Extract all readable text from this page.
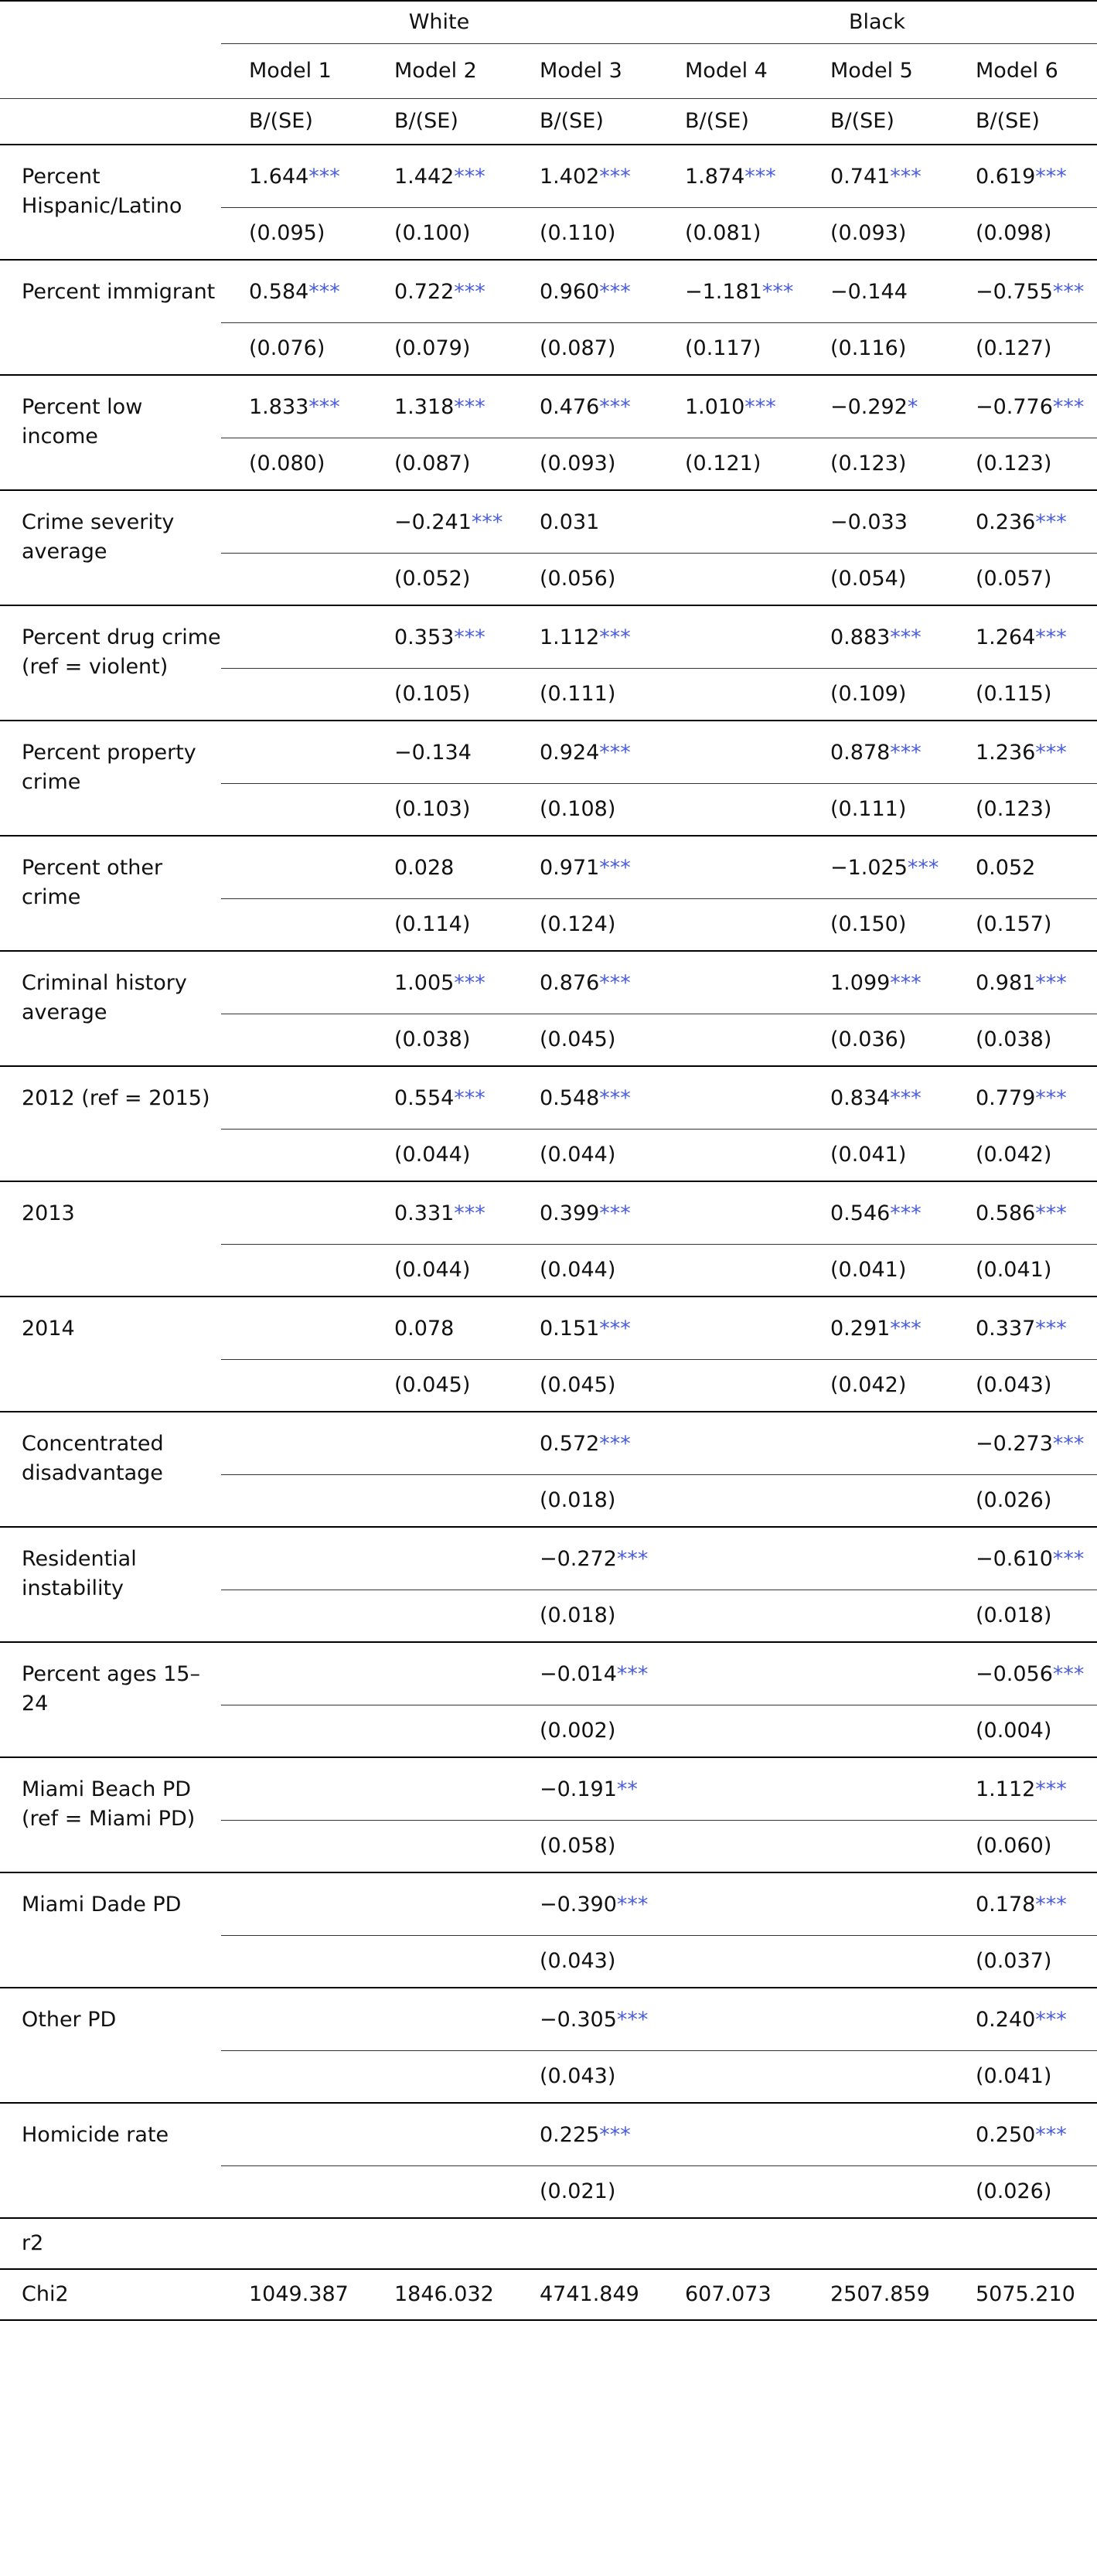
	White			Black		
	Model 1	Model 2	Model 3	Model 4	Model 5	Model 6
	B/(SE)	B/(SE)	B/(SE)	B/(SE)	B/(SE)	B/(SE)
Percent Hispanic/Latino	1.644***	1.442***	1.402***	1.874***	0.741***	0.619***
	(0.095)	(0.100)	(0.110)	(0.081)	(0.093)	(0.098)
Percent immigrant	0.584***	0.722***	0.960***	−1.181***	−0.144	−0.755***
	(0.076)	(0.079)	(0.087)	(0.117)	(0.116)	(0.127)
Percent low income	1.833***	1.318***	0.476***	1.010***	−0.292*	−0.776***
	(0.080)	(0.087)	(0.093)	(0.121)	(0.123)	(0.123)
Crime severity average		−0.241***	0.031		−0.033	0.236***
		(0.052)	(0.056)		(0.054)	(0.057)
Percent drug crime (ref = violent)		0.353***	1.112***		0.883***	1.264***
		(0.105)	(0.111)		(0.109)	(0.115)
Percent property crime		−0.134	0.924***		0.878***	1.236***
		(0.103)	(0.108)		(0.111)	(0.123)
Percent other crime		0.028	0.971***		−1.025***	0.052
		(0.114)	(0.124)		(0.150)	(0.157)
Criminal history average		1.005***	0.876***		1.099***	0.981***
		(0.038)	(0.045)		(0.036)	(0.038)
2012 (ref = 2015)		0.554***	0.548***		0.834***	0.779***
		(0.044)	(0.044)		(0.041)	(0.042)
2013		0.331***	0.399***		0.546***	0.586***
		(0.044)	(0.044)		(0.041)	(0.041)
2014		0.078	0.151***		0.291***	0.337***
		(0.045)	(0.045)		(0.042)	(0.043)
Concentrated disadvantage			0.572***			−0.273***
			(0.018)			(0.026)
Residential instability			−0.272***			−0.610***
			(0.018)			(0.018)
Percent ages 15–24			−0.014***			−0.056***
			(0.002)			(0.004)
Miami Beach PD (ref = Miami PD)			−0.191**			1.112***
			(0.058)			(0.060)
Miami Dade PD			−0.390***			0.178***
			(0.043)			(0.037)
Other PD			−0.305***			0.240***
			(0.043)			(0.041)
Homicide rate			0.225***			0.250***
			(0.021)			(0.026)
r2						
Chi2	1049.387	1846.032	4741.849	607.073	2507.859	5075.210
